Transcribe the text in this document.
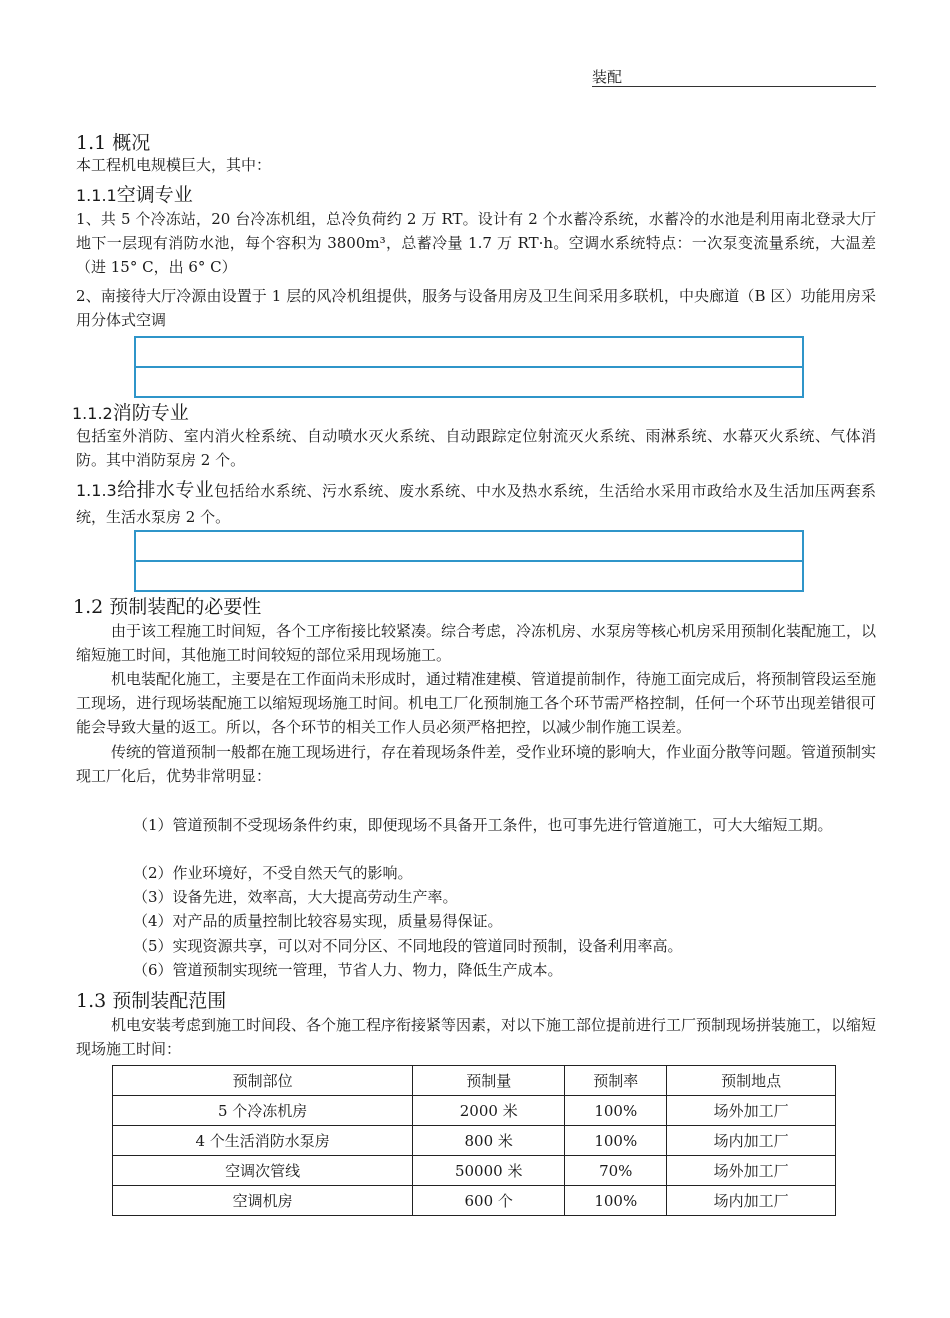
装配
1.1 概况

本工程机电规模巨大，其中：

1.1.1空调专业

1、共 5 个冷冻站，20 台冷冻机组，总冷负荷约 2 万 RT。设计有 2 个水蓄冷系统，水蓄冷的水池是利用南北登录大厅地下一层现有消防水池，每个容积为 3800m³，总蓄冷量 1.7 万 RT·h。空调水系统特点：一次泵变流量系统，大温差（进 15° C，出 6° C）

2、南接待大厅冷源由设置于 1 层的风冷机组提供，服务与设备用房及卫生间采用多联机，中央廊道（B 区）功能用房采用分体式空调

1.1.2消防专业

包括室外消防、室内消火栓系统、自动喷水灭火系统、自动跟踪定位射流灭火系统、雨淋系统、水幕灭火系统、气体消防。其中消防泵房 2 个。

1.1.3给排水专业包括给水系统、污水系统、废水系统、中水及热水系统，生活给水采用市政给水及生活加压两套系统，生活水泵房 2 个。

1.2 预制装配的必要性

由于该工程施工时间短，各个工序衔接比较紧凑。综合考虑，冷冻机房、水泵房等核心机房采用预制化装配施工，以缩短施工时间，其他施工时间较短的部位采用现场施工。

机电装配化施工，主要是在工作面尚未形成时，通过精准建模、管道提前制作，待施工面完成后，将预制管段运至施工现场，进行现场装配施工以缩短现场施工时间。机电工厂化预制施工各个环节需严格控制，任何一个环节出现差错很可能会导致大量的返工。所以，各个环节的相关工作人员必须严格把控，以减少制作施工误差。

传统的管道预制一般都在施工现场进行，存在着现场条件差，受作业环境的影响大，作业面分散等问题。管道预制实现工厂化后，优势非常明显：

（1）管道预制不受现场条件约束，即便现场不具备开工条件，也可事先进行管道施工，可大大缩短工期。

（2）作业环境好，不受自然天气的影响。

（3）设备先进，效率高，大大提高劳动生产率。

（4）对产品的质量控制比较容易实现，质量易得保证。

（5）实现资源共享，可以对不同分区、不同地段的管道同时预制，设备利用率高。

（6）管道预制实现统一管理，节省人力、物力，降低生产成本。

1.3 预制装配范围

机电安装考虑到施工时间段、各个施工程序衔接紧等因素，对以下施工部位提前进行工厂预制现场拼装施工，以缩短现场施工时间：

预制部位	预制量	预制率	预制地点
5 个冷冻机房	2000 米	100%	场外加工厂
4 个生活消防水泵房	800 米	100%	场内加工厂
空调次管线	50000 米	70%	场外加工厂
空调机房	600 个	100%	场内加工厂
